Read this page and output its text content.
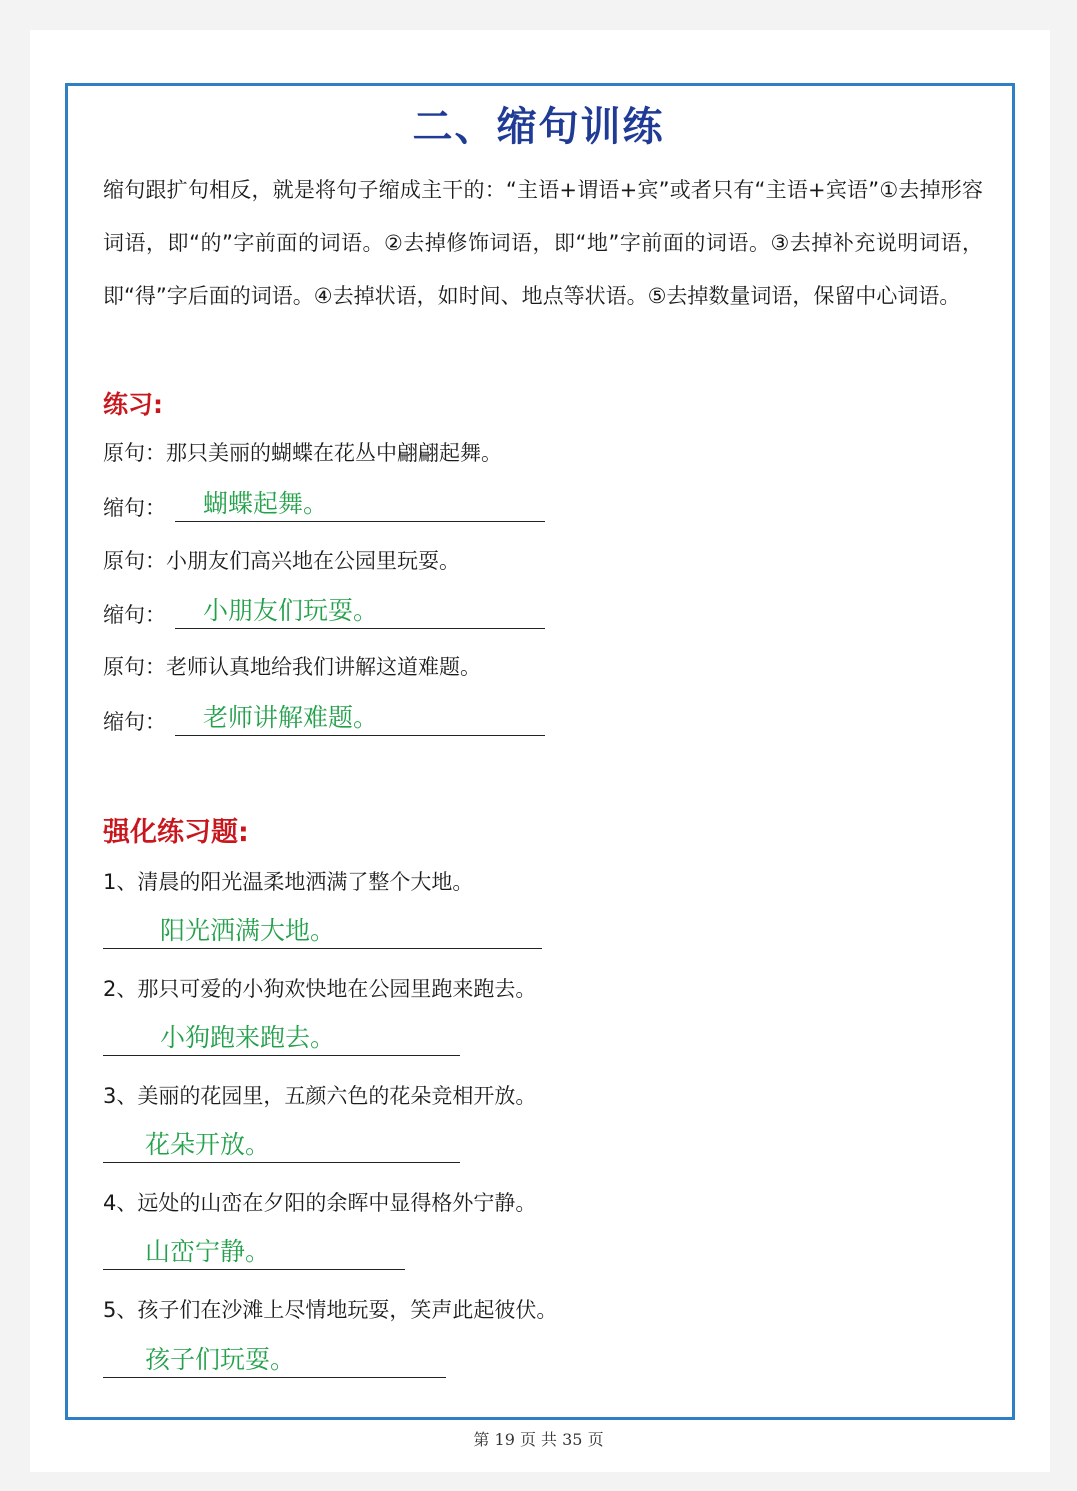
二、缩句训练

缩句跟扩句相反，就是将句子缩成主干的：“主语+谓语+宾”或者只有“主语+宾语”①去掉形容词语，即“的”字前面的词语。②去掉修饰词语，即“地”字前面的词语。③去掉补充说明词语，即“得”字后面的词语。④去掉状语，如时间、地点等状语。⑤去掉数量词语，保留中心词语。

练习:
原句：那只美丽的蝴蝶在花丛中翩翩起舞。
缩句： 蝴蝶起舞。
原句：小朋友们高兴地在公园里玩耍。
缩句： 小朋友们玩耍。
原句：老师认真地给我们讲解这道难题。
缩句： 老师讲解难题。
强化练习题:
1、清晨的阳光温柔地洒满了整个大地。
阳光洒满大地。
2、那只可爱的小狗欢快地在公园里跑来跑去。
小狗跑来跑去。
3、美丽的花园里，五颜六色的花朵竞相开放。
花朵开放。
4、远处的山峦在夕阳的余晖中显得格外宁静。
山峦宁静。
5、孩子们在沙滩上尽情地玩耍，笑声此起彼伏。
孩子们玩耍。
第 19 页 共 35 页
